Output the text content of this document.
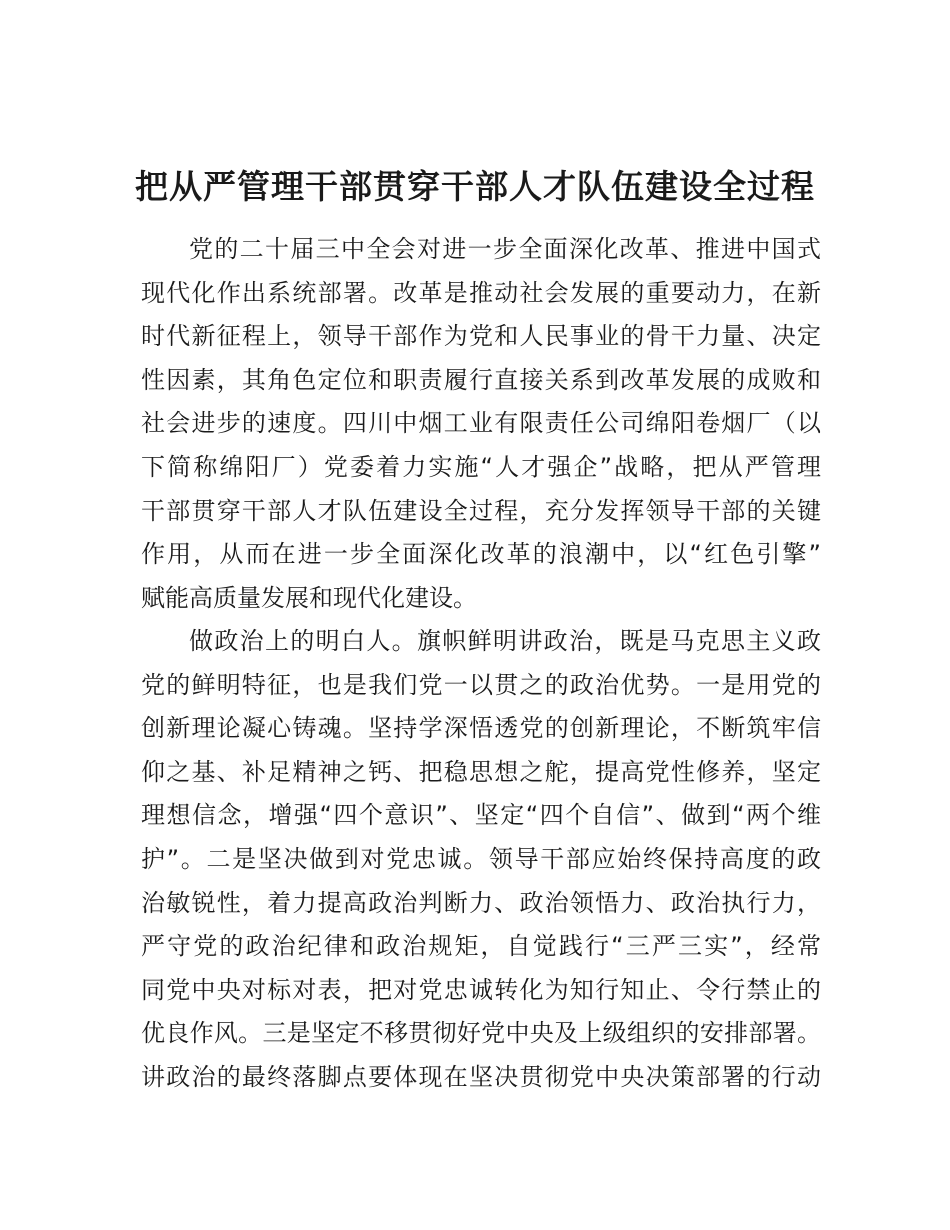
把从严管理干部贯穿干部人才队伍建设全过程
党的二十届三中全会对进一步全面深化改革、推进中国式
现代化作出系统部署。改革是推动社会发展的重要动力，在新
时代新征程上，领导干部作为党和人民事业的骨干力量、决定
性因素，其角色定位和职责履行直接关系到改革发展的成败和
社会进步的速度。四川中烟工业有限责任公司绵阳卷烟厂（以
下简称绵阳厂）党委着力实施“人才强企”战略，把从严管理
干部贯穿干部人才队伍建设全过程，充分发挥领导干部的关键
作用，从而在进一步全面深化改革的浪潮中，以“红色引擎”
赋能高质量发展和现代化建设。
做政治上的明白人。旗帜鲜明讲政治，既是马克思主义政
党的鲜明特征，也是我们党一以贯之的政治优势。一是用党的
创新理论凝心铸魂。坚持学深悟透党的创新理论，不断筑牢信
仰之基、补足精神之钙、把稳思想之舵，提高党性修养，坚定
理想信念，增强“四个意识”、坚定“四个自信”、做到“两个维
护”。二是坚决做到对党忠诚。领导干部应始终保持高度的政
治敏锐性，着力提高政治判断力、政治领悟力、政治执行力，
严守党的政治纪律和政治规矩，自觉践行“三严三实”，经常
同党中央对标对表，把对党忠诚转化为知行知止、令行禁止的
优良作风。三是坚定不移贯彻好党中央及上级组织的安排部署。
讲政治的最终落脚点要体现在坚决贯彻党中央决策部署的行动
